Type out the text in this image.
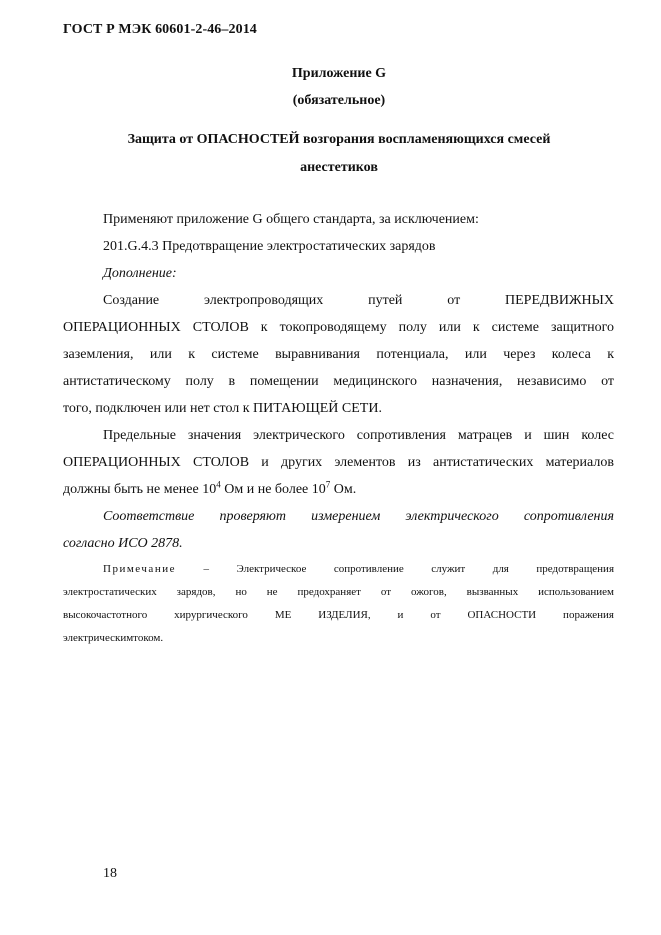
ГОСТ Р МЭК 60601-2-46–2014
Приложение G
(обязательное)
Защита от ОПАСНОСТЕЙ возгорания воспламеняющихся смесей
анестетиков
Применяют приложение G общего стандарта, за исключением:
201.G.4.3 Предотвращение электростатических зарядов
Дополнение:
Создание электропроводящих путей от ПЕРЕДВИЖНЫХ
ОПЕРАЦИОННЫХ СТОЛОВ к токопроводящему полу или к системе защитного
заземления, или к системе выравнивания потенциала, или через колеса к
антистатическому полу в помещении медицинского назначения, независимо от
того, подключен или нет стол к ПИТАЮЩЕЙ СЕТИ.
Предельные значения электрического сопротивления матрацев и шин колес
ОПЕРАЦИОННЫХ СТОЛОВ и других элементов из антистатических материалов
должны быть не менее $10^4$ Ом и не более $10^7$ Ом.
Соответствие проверяют измерением электрического сопротивления
согласно ИСО 2878.
Примечание – Электрическое сопротивление служит для предотвращения
электростатических зарядов, но не предохраняет от ожогов, вызванных использованием
высокочастотного хирургического МЕ ИЗДЕЛИЯ, и от ОПАСНОСТИ поражения
электрическимтоком.
18
